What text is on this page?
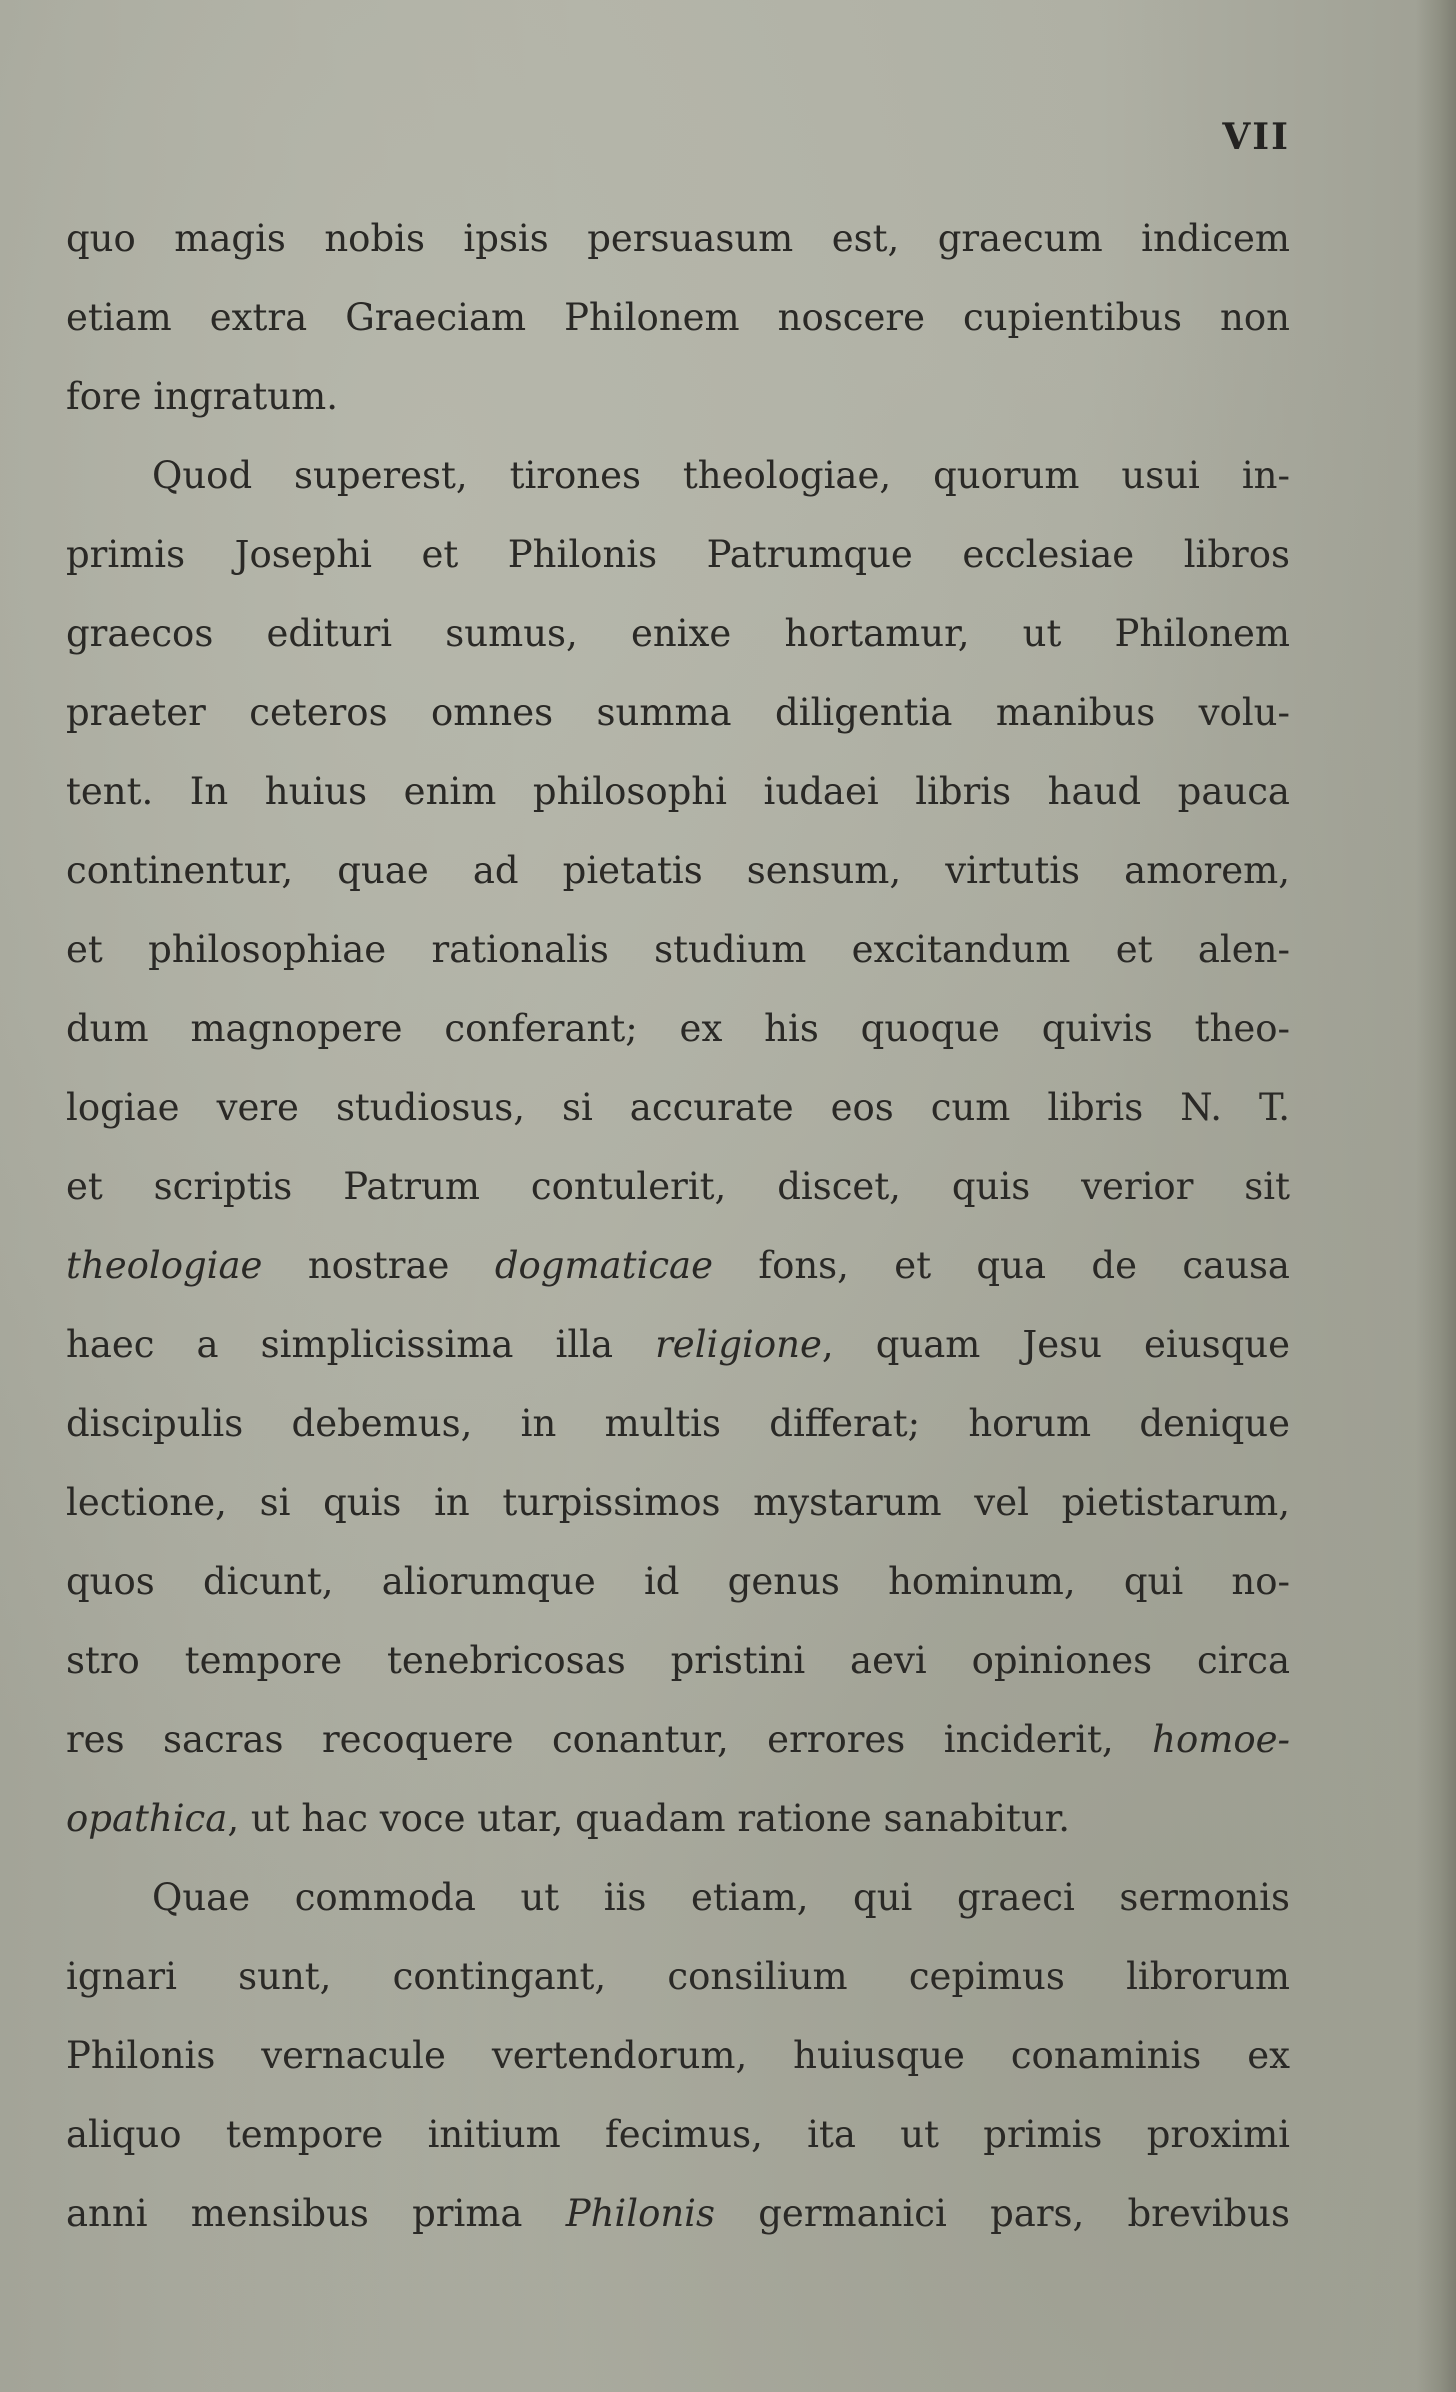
VII
quo magis nobis ipsis persuasum est, graecum indicem
etiam extra Graeciam Philonem noscere cupientibus non
fore ingratum.
Quod superest, tirones theologiae, quorum usui in-
primis Josephi et Philonis Patrumque ecclesiae libros
graecos edituri sumus, enixe hortamur, ut Philonem
praeter ceteros omnes summa diligentia manibus volu-
tent. In huius enim philosophi iudaei libris haud pauca
continentur, quae ad pietatis sensum, virtutis amorem,
et philosophiae rationalis studium excitandum et alen-
dum magnopere conferant; ex his quoque quivis theo-
logiae vere studiosus, si accurate eos cum libris N. T.
et scriptis Patrum contulerit, discet, quis verior sit
theologiae nostrae dogmaticae fons, et qua de causa
haec a simplicissima illa religione, quam Jesu eiusque
discipulis debemus, in multis differat; horum denique
lectione, si quis in turpissimos mystarum vel pietistarum,
quos dicunt, aliorumque id genus hominum, qui no-
stro tempore tenebricosas pristini aevi opiniones circa
res sacras recoquere conantur, errores inciderit, homoe-
opathica, ut hac voce utar, quadam ratione sanabitur.
Quae commoda ut iis etiam, qui graeci sermonis
ignari sunt, contingant, consilium cepimus librorum
Philonis vernacule vertendorum, huiusque conaminis ex
aliquo tempore initium fecimus, ita ut primis proximi
anni mensibus prima Philonis germanici pars, brevibus
